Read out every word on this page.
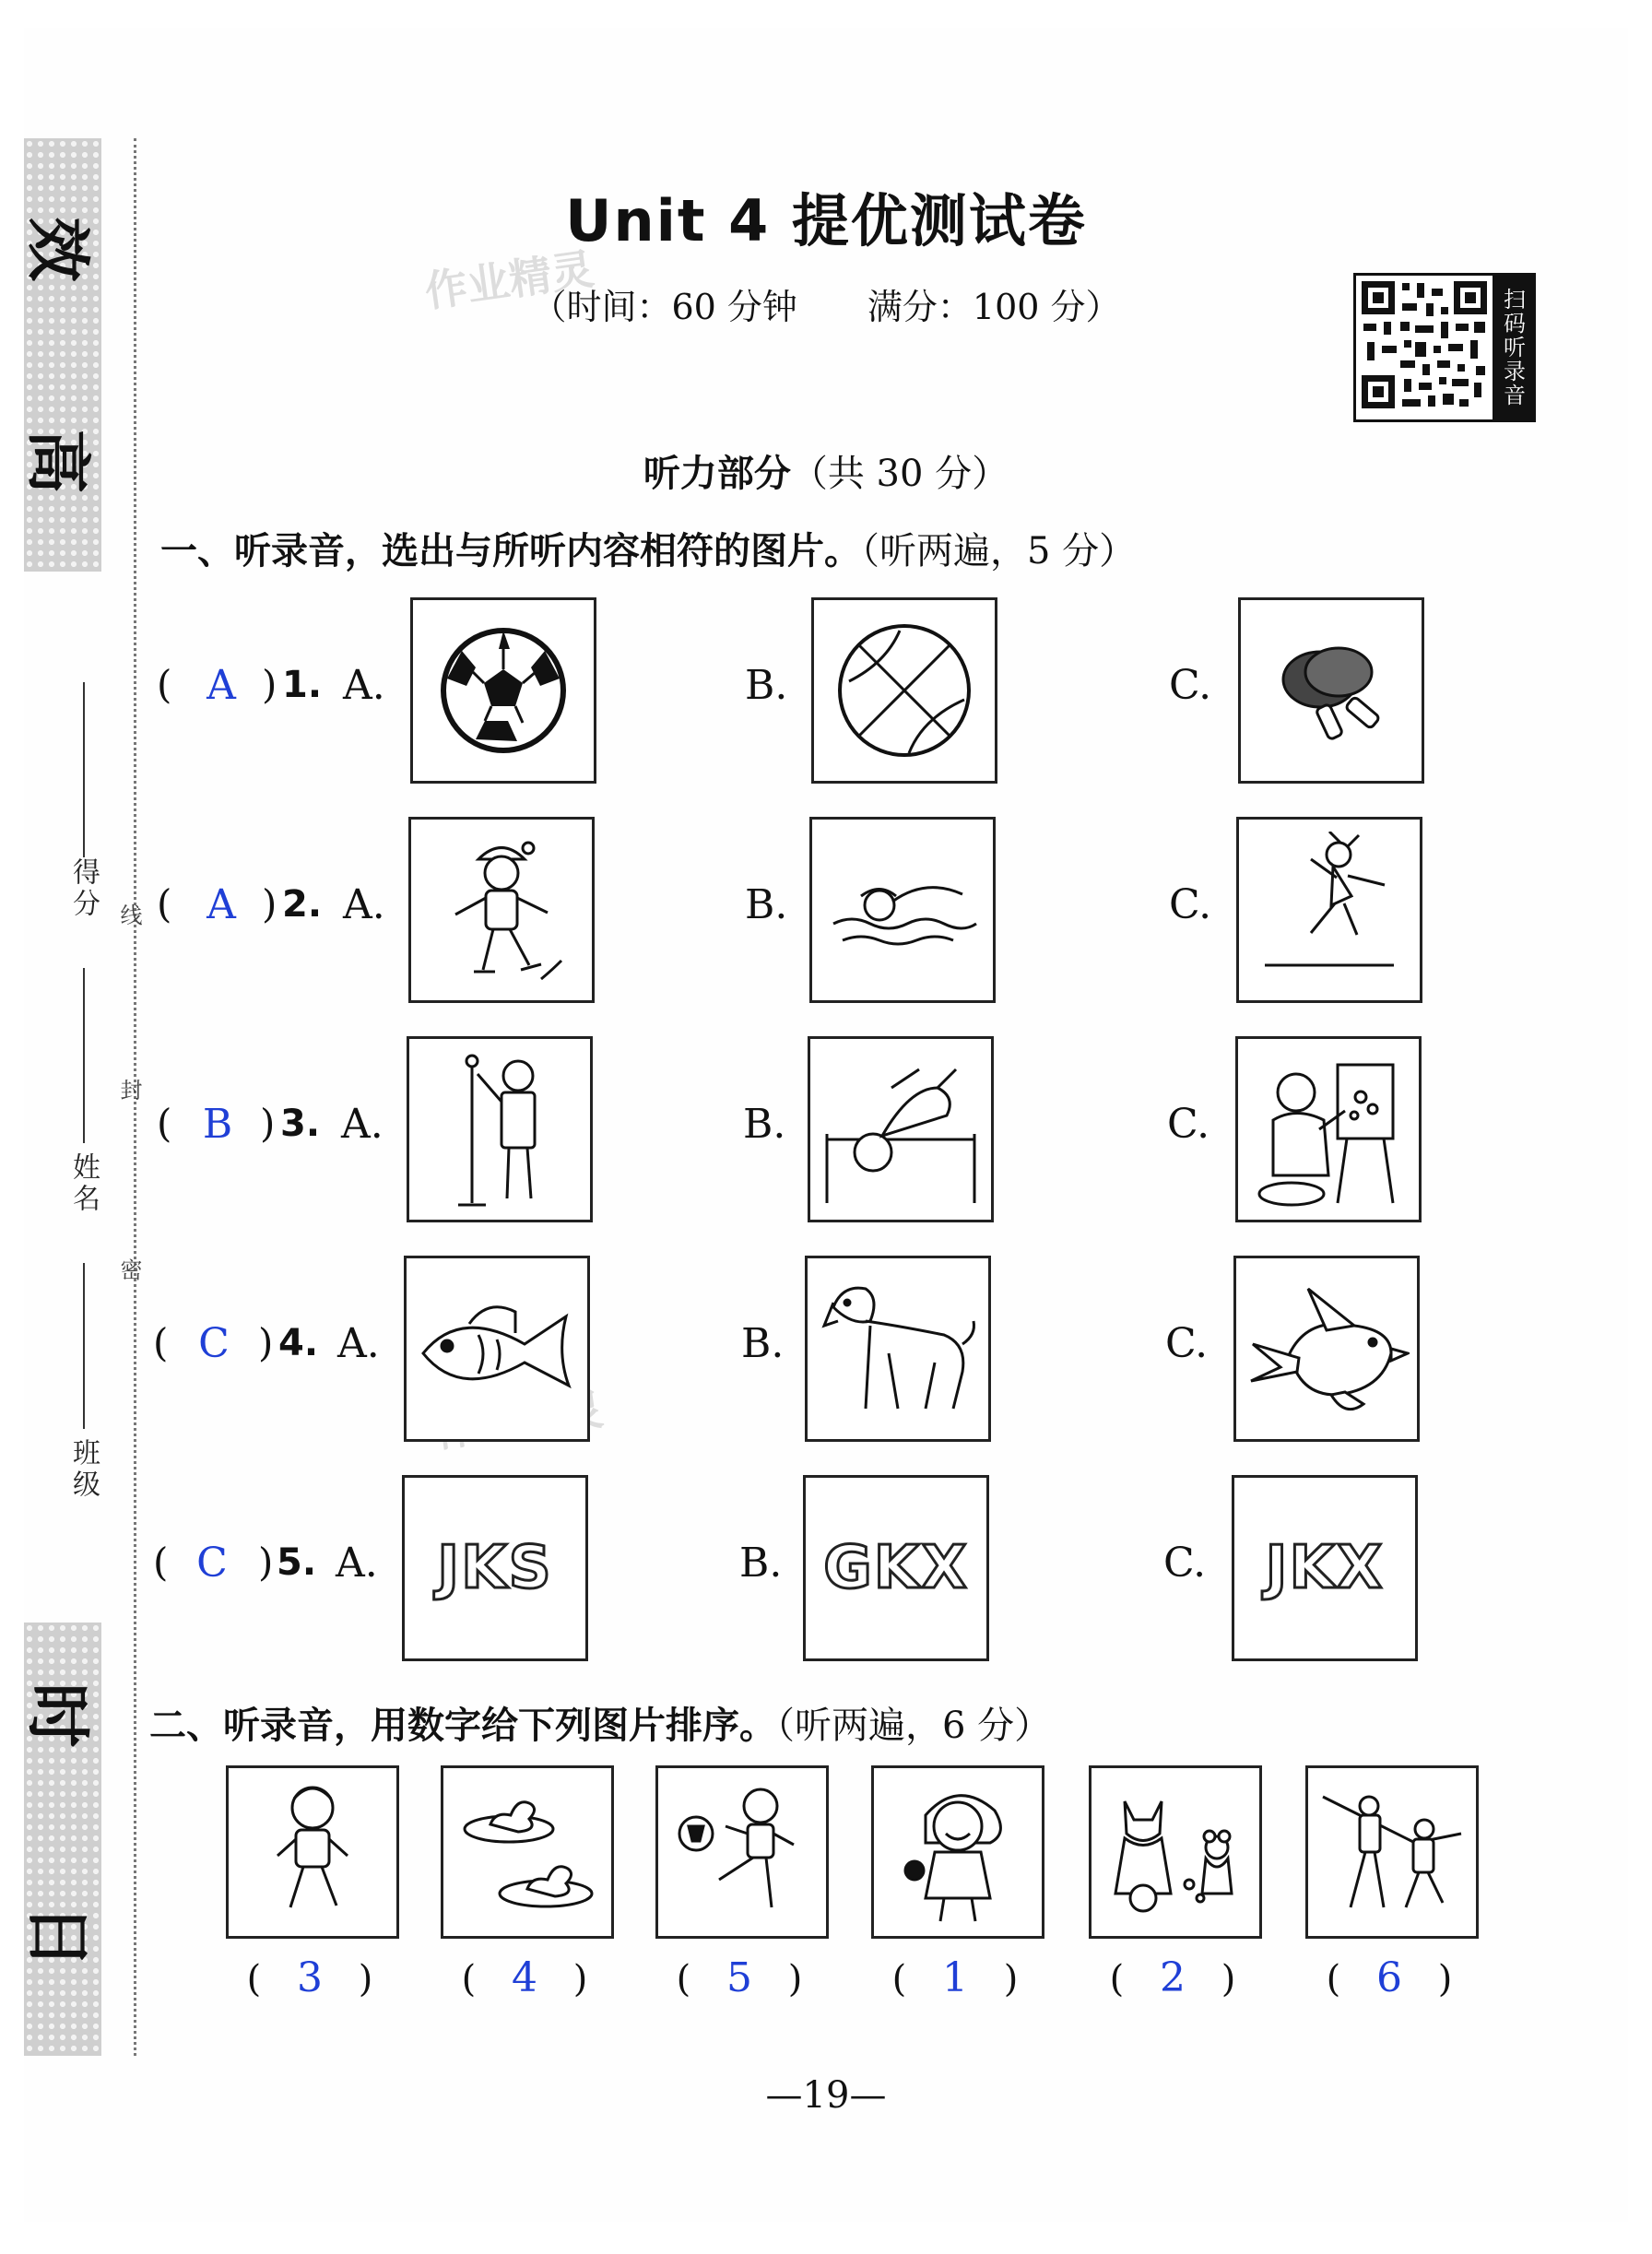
效
高
时
日
得分
姓名
班级
线
封
密
Unit 4 提优测试卷
（时间：60 分钟　　满分：100 分）
作业精灵
扫码听录音
听力部分（共 30 分）
一、听录音，选出与所听内容相符的图片。（听两遍，5 分）
( A ) 1. A.	B.	C.
( A ) 2. A.	B.	C.
( B ) 3. A.	B.	C.
( C ) 4. A.	B.	C.
( C ) 5. A. JKS	B. GKX	C. JKX
二、听录音，用数字给下列图片排序。（听两遍，6 分）
( 3 )	( 4 )	( 5 )	( 1 )	( 2 )	( 6 )
—19—
